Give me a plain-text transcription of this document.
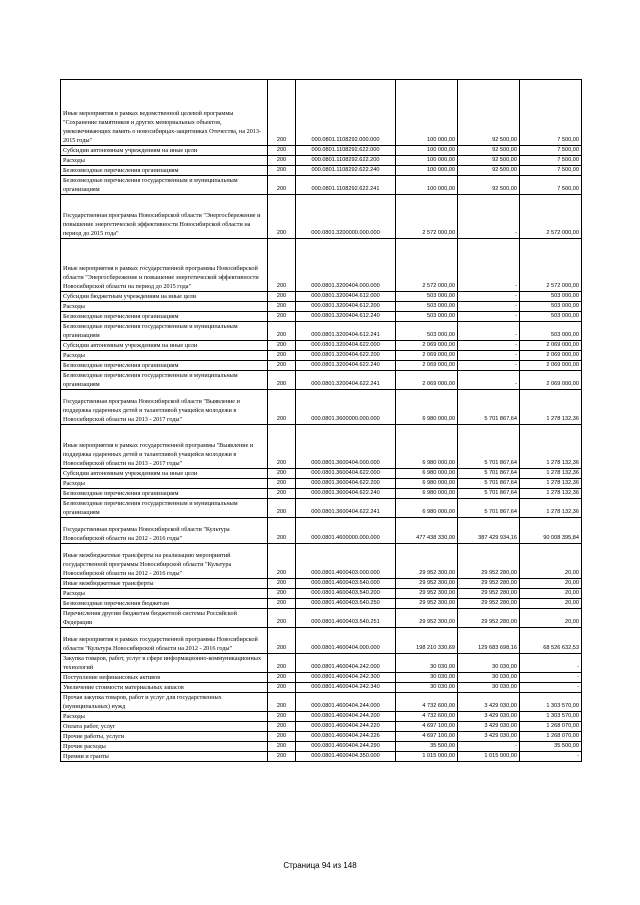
Иные мероприятия в рамках ведомственной целевой программы "Сохранение памятников и других мемориальных объектов, увековечивающих память о новосибирцах-защитниках Отечества, на 2013-2015 годы"	200	000.0801.1108292.000.000	100 000,00	92 500,00	7 500,00
Субсидии автономным учреждениям на иные цели	200	000.0801.1108292.622.000	100 000,00	92 500,00	7 500,00
Расходы	200	000.0801.1108292.622.200	100 000,00	92 500,00	7 500,00
Безвозмездные перечисления организациям	200	000.0801.1108292.622.240	100 000,00	92 500,00	7 500,00
Безвозмездные перечисления государственным и муниципальным организациям	200	000.0801.1108292.622.241	100 000,00	92 500,00	7 500,00
Государственная программа Новосибирской области "Энергосбережение и повышение энергетической эффективности Новосибирской области на период до 2015 года"	200	000.0801.3200000.000.000	2 572 000,00	-	2 572 000,00
Иные мероприятия в рамках государственной программы Новосибирской области "Энергосбережение и повышение энергетической эффективности Новосибирской области на период до 2015 года"	200	000.0801.3200404.000.000	2 572 000,00	-	2 572 000,00
Субсидии бюджетным учреждениям на иные цели	200	000.0801.3200404.612.000	503 000,00	-	503 000,00
Расходы	200	000.0801.3200404.612.200	503 000,00	-	503 000,00
Безвозмездные перечисления организациям	200	000.0801.3200404.612.240	503 000,00	-	503 000,00
Безвозмездные перечисления государственным и муниципальным организациям	200	000.0801.3200404.612.241	503 000,00	-	503 000,00
Субсидии автономным учреждениям на иные цели	200	000.0801.3200404.622.000	2 069 000,00	-	2 069 000,00
Расходы	200	000.0801.3200404.622.200	2 069 000,00	-	2 069 000,00
Безвозмездные перечисления организациям	200	000.0801.3200404.622.240	2 069 000,00	-	2 069 000,00
Безвозмездные перечисления государственным и муниципальным организациям	200	000.0801.3200404.622.241	2 069 000,00	-	2 069 000,00
Государственная программа Новосибирской области "Выявление и поддержка одаренных детей и талантливой учащейся молодежи в Новосибирской области на 2013 - 2017 годы"	200	000.0801.3600000.000.000	6 980 000,00	5 701 867,64	1 278 132,36
Иные мероприятия в рамках государственной программы "Выявление и поддержка одаренных детей и талантливой учащейся молодежи в Новосибирской области на 2013 - 2017 годы"	200	000.0801.3600404.000.000	6 980 000,00	5 701 867,64	1 278 132,36
Субсидии автономным учреждениям на иные цели	200	000.0801.3600404.622.000	6 980 000,00	5 701 867,64	1 278 132,36
Расходы	200	000.0801.3600404.622.200	6 980 000,00	5 701 867,64	1 278 132,36
Безвозмездные перечисления организациям	200	000.0801.3600404.622.240	6 980 000,00	5 701 867,64	1 278 132,36
Безвозмездные перечисления государственным и муниципальным организациям	200	000.0801.3600404.622.241	6 980 000,00	5 701 867,64	1 278 132,36
Государственная программа Новосибирской области "Культура Новосибирской области на 2012 - 2016 годы"	200	000.0801.4600000.000.000	477 438 330,00	387 429 934,16	90 008 395,84
Иные межбюджетные трансферты на реализацию мероприятий государственной программы Новосибирской области "Культура Новосибирской области на 2012 - 2016 годы"	200	000.0801.4600403.000.000	29 952 300,00	29 952 280,00	20,00
Иные межбюджетные трансферты	200	000.0801.4600403.540.000	29 952 300,00	29 952 280,00	20,00
Расходы	200	000.0801.4600403.540.200	29 952 300,00	29 952 280,00	20,00
Безвозмездные перечисления бюджетам	200	000.0801.4600403.540.250	29 952 300,00	29 952 280,00	20,00
Перечисления другим бюджетам бюджетной системы Российской Федерации	200	000.0801.4600403.540.251	29 952 300,00	29 952 280,00	20,00
Иные мероприятия в рамках государственной программы Новосибирской области "Культура Новосибирской области на 2012 - 2016 годы"	200	000.0801.4600404.000.000	198 210 330,69	129 683 698,16	68 526 632,53
Закупка товаров, работ, услуг в сфере информационно-коммуникационных технологий	200	000.0801.4600404.242.000	30 030,00	30 030,00	-
Поступление нефинансовых активов	200	000.0801.4600404.242.300	30 030,00	30 030,00	-
Увеличение стоимости материальных запасов	200	000.0801.4600404.242.340	30 030,00	30 030,00	-
Прочая закупка товаров, работ и услуг для государственных (муниципальных) нужд	200	000.0801.4600404.244.000	4 732 600,00	3 429 030,00	1 303 570,00
Расходы	200	000.0801.4600404.244.200	4 732 600,00	3 429 030,00	1 303 570,00
Оплата работ, услуг	200	000.0801.4600404.244.220	4 697 100,00	3 429 030,00	1 268 070,00
Прочие работы, услуги	200	000.0801.4600404.244.226	4 697 100,00	3 429 030,00	1 268 070,00
Прочие расходы	200	000.0801.4600404.244.290	35 500,00	-	35 500,00
Премии и гранты	200	000.0801.4600404.350.000	1 015 000,00	1 015 000,00	-
Страница 94 из 148
